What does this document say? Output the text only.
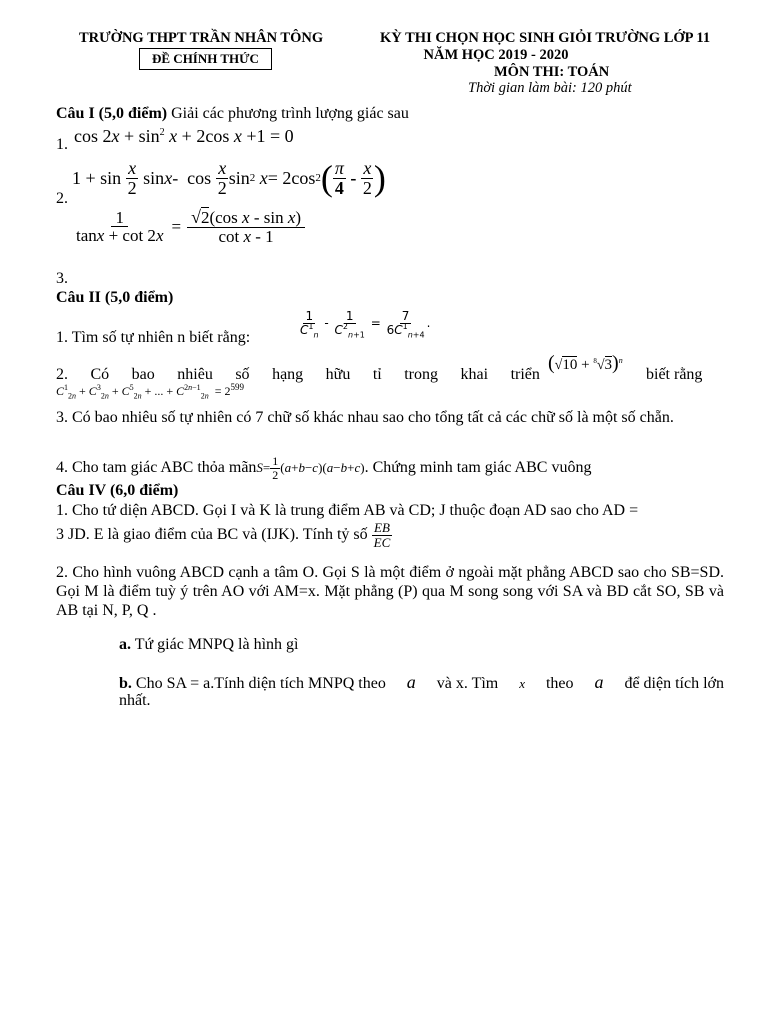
TRƯỜNG THPT TRẦN NHÂN TÔNG
ĐỀ CHÍNH THỨC
KỲ THI CHỌN HỌC SINH GIỎI TRƯỜNG LỚP 11
NĂM HỌC 2019 - 2020
MÔN THI: TOÁN
Thời gian làm bài: 120 phút
Câu I (5,0 điểm) Giải các phương trình lượng giác sau
1. $\cos 2x + \sin^2 x + 2\cos$ x +1 = 0
$1 + \sin \frac{x}{2}$ sin x -  $\cos \frac{x}{2}$ sin 2
x = 2cos 2 ( $\frac{\pi}{4} - \frac{x}{2}$ )
2.
$\frac{1}{\tan x + \cot 2x} = \frac{\text{√2(cos x - sin x)}}{\text{cot x - 1}}$
3.
Câu II (5,0 điểm)
1. Tìm số tự nhiên n biết rằng:
$\frac{1}{C^1_n} - \frac{1}{C^2_{n+1}} = \frac{7}{6C^1_{n+4}}$ .
2. Có bao nhiêu số hạng hữu tỉ trong khai triển
$(√10 + ^8√3)^n$
biết rằng
$C^1_{2n} + C^3_{2n} + C^5_{2n}$ + ... + $C^{2n-1}_{2n} = 2^{599}$
3. Có bao nhiêu số tự nhiên có 7 chữ số khác nhau sao cho tổng tất cả các chữ số là một số chẵn.
4. Cho tam giác ABC thỏa mãn $S = \frac{1}{2}$ ( a + b − c )( a − b + c ) . Chứng minh tam giác ABC vuông
Câu IV (6,0 điểm)
1. Cho tứ diện ABCD. Gọi I và K là trung điểm AB và CD; J thuộc đoạn AD sao cho AD =
3 JD. E là giao điểm của BC và (IJK). Tính tỷ số
$\frac{EB}{EC}$
2. Cho hình vuông ABCD cạnh a tâm O. Gọi S là một điểm ở ngoài mặt phẳng ABCD sao cho SB=SD. Gọi M là điểm tuỳ ý trên AO với AM=x. Mặt phẳng (P) qua M song song với SA và BD cắt SO, SB và AB tại N, P, Q .
a. Tứ giác MNPQ là hình gì
b. Cho SA = a.Tính diện tích MNPQ theo a và x. Tìm x theo a để diện tích lớn
nhất.
